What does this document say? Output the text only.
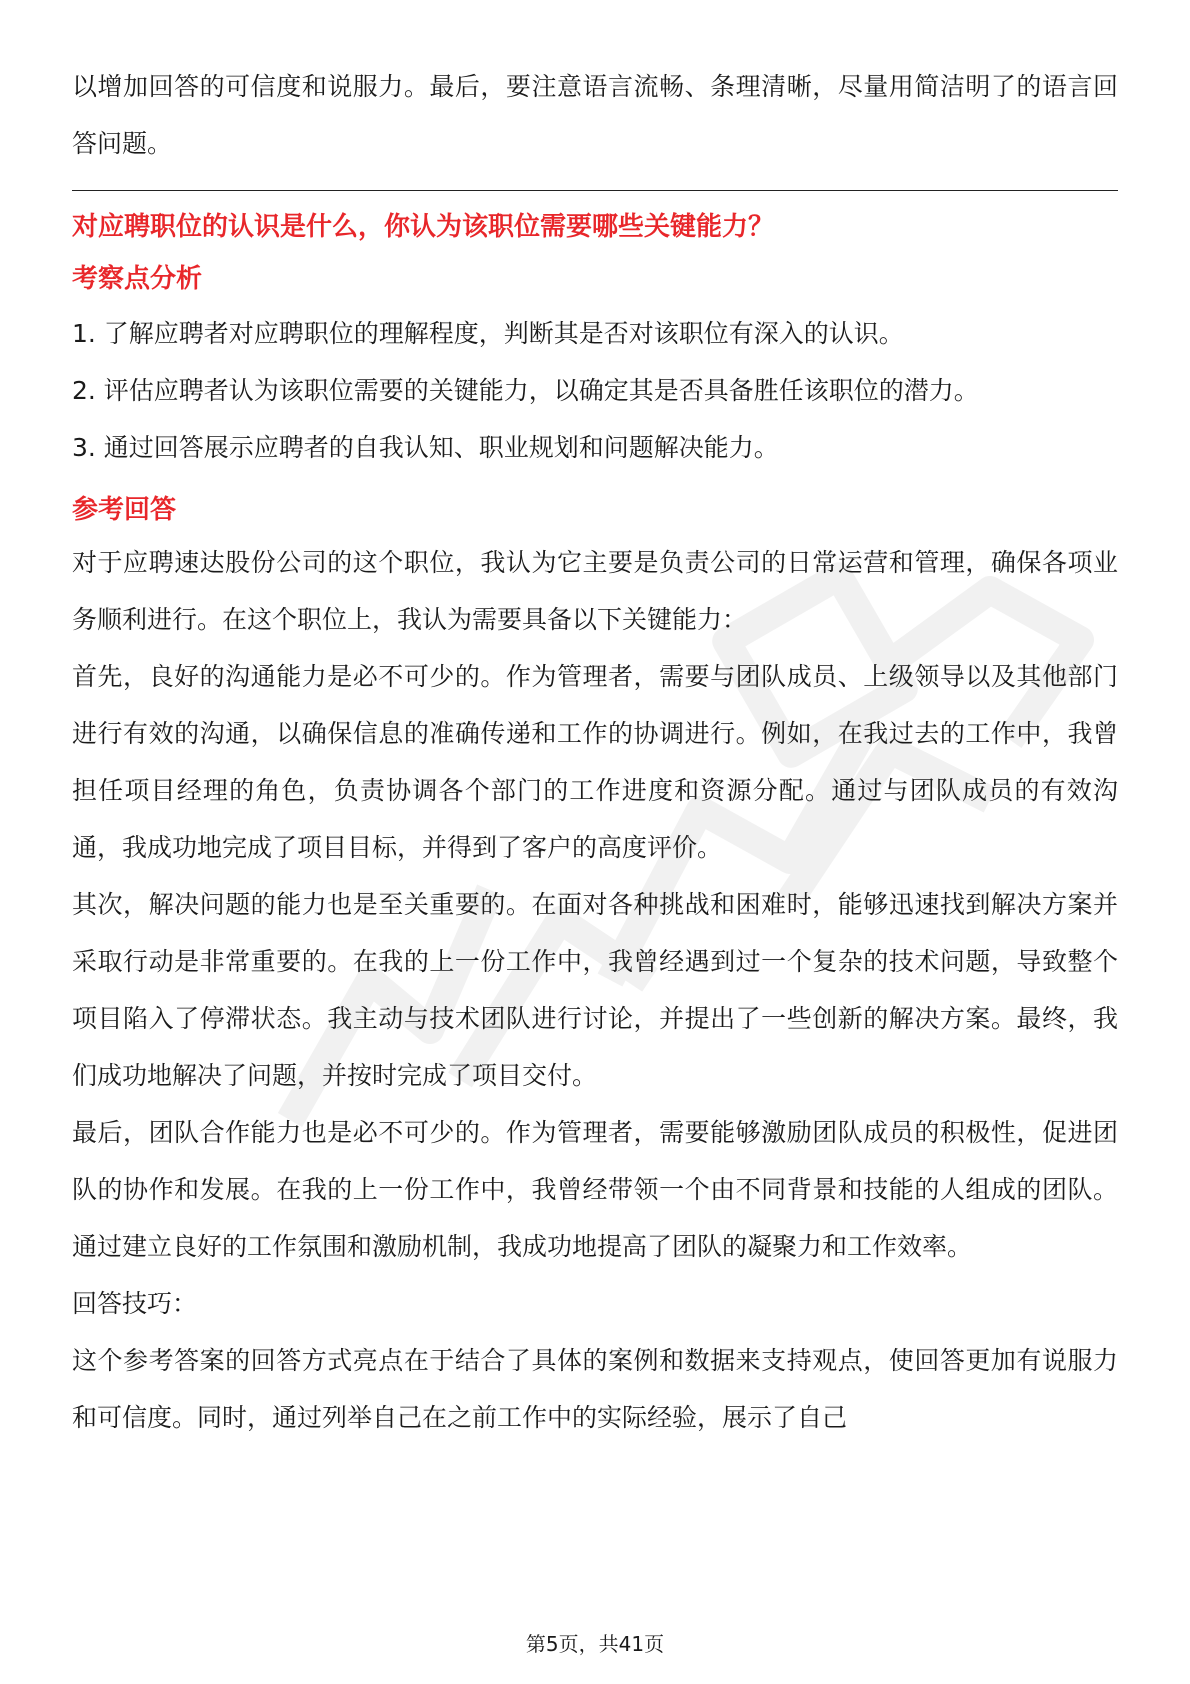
以增加回答的可信度和说服力。最后，要注意语言流畅、条理清晰，尽量用简洁明了的语言回答问题。

对应聘职位的认识是什么，你认为该职位需要哪些关键能力？
考察点分析
1. 了解应聘者对应聘职位的理解程度，判断其是否对该职位有深入的认识。
2. 评估应聘者认为该职位需要的关键能力，以确定其是否具备胜任该职位的潜力。
3. 通过回答展示应聘者的自我认知、职业规划和问题解决能力。
参考回答

对于应聘速达股份公司的这个职位，我认为它主要是负责公司的日常运营和管理，确保各项业务顺利进行。在这个职位上，我认为需要具备以下关键能力：

首先，良好的沟通能力是必不可少的。作为管理者，需要与团队成员、上级领导以及其他部门进行有效的沟通，以确保信息的准确传递和工作的协调进行。例如，在我过去的工作中，我曾担任项目经理的角色，负责协调各个部门的工作进度和资源分配。通过与团队成员的有效沟通，我成功地完成了项目目标，并得到了客户的高度评价。

其次，解决问题的能力也是至关重要的。在面对各种挑战和困难时，能够迅速找到解决方案并采取行动是非常重要的。在我的上一份工作中，我曾经遇到过一个复杂的技术问题，导致整个项目陷入了停滞状态。我主动与技术团队进行讨论，并提出了一些创新的解决方案。最终，我们成功地解决了问题，并按时完成了项目交付。

最后，团队合作能力也是必不可少的。作为管理者，需要能够激励团队成员的积极性，促进团队的协作和发展。在我的上一份工作中，我曾经带领一个由不同背景和技能的人组成的团队。通过建立良好的工作氛围和激励机制，我成功地提高了团队的凝聚力和工作效率。

回答技巧：

这个参考答案的回答方式亮点在于结合了具体的案例和数据来支持观点，使回答更加有说服力和可信度。同时，通过列举自己在之前工作中的实际经验，展示了自己

第5页，共41页
